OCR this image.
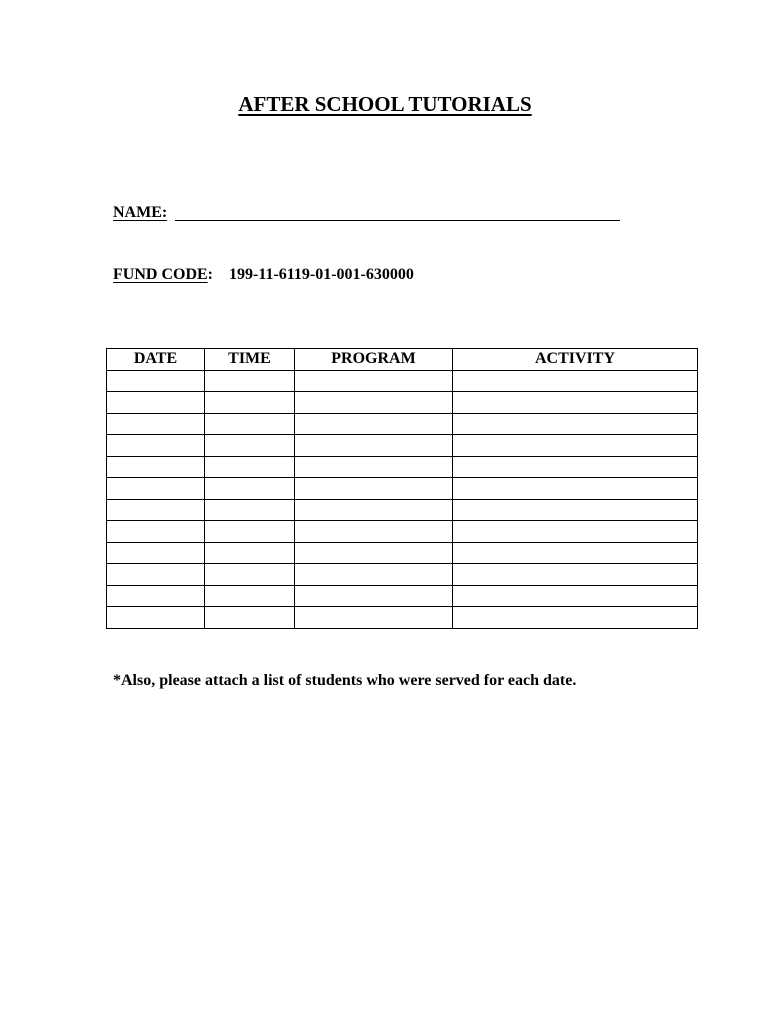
AFTER SCHOOL TUTORIALS
NAME:
FUND CODE: 199-11-6119-01-001-630000
DATE	TIME	PROGRAM	ACTIVITY

*Also, please attach a list of students who were served for each date.
